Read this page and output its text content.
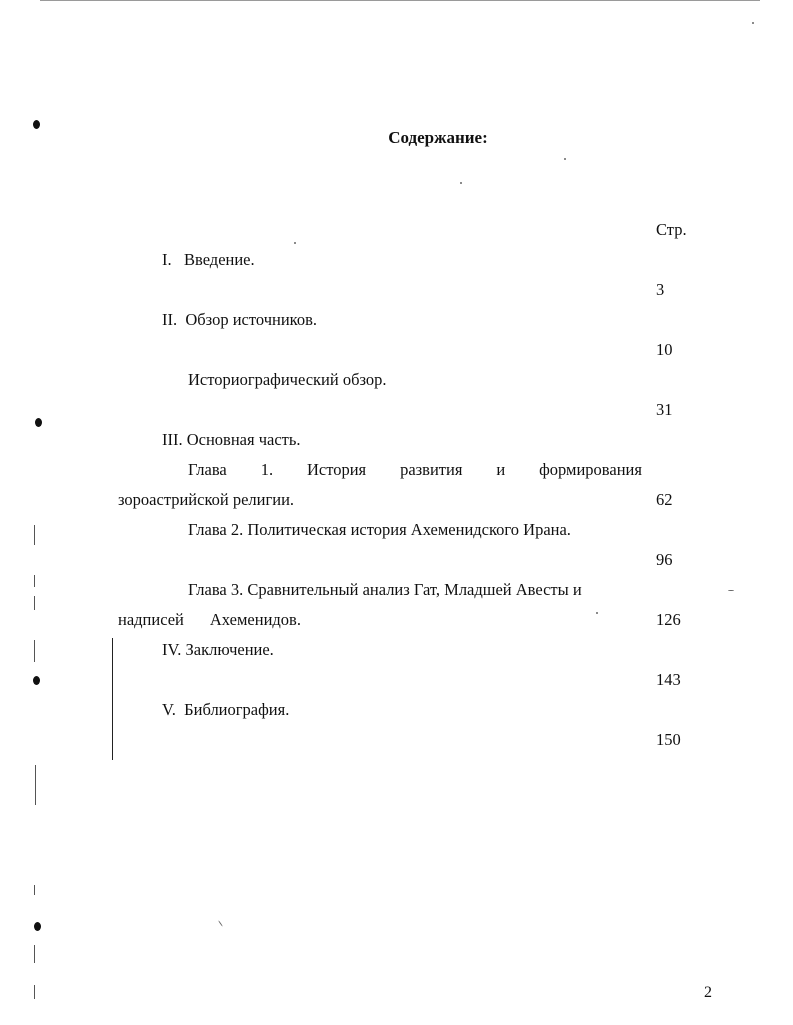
Содержание:
Стр.
I.   Введение.
3
II.  Обзор источников.
10
Историографический обзор.
31
III. Основная часть.
Глава 1. История развития и формирования
зороастрийской религии.	62
Глава 2. Политическая история Ахеменидского Ирана.
96
Глава 3. Сравнительный анализ Гат, Младшей Авесты и
надписей Ахеменидов.	126
IV. Заключение.
143
V.  Библиография.
150
2
